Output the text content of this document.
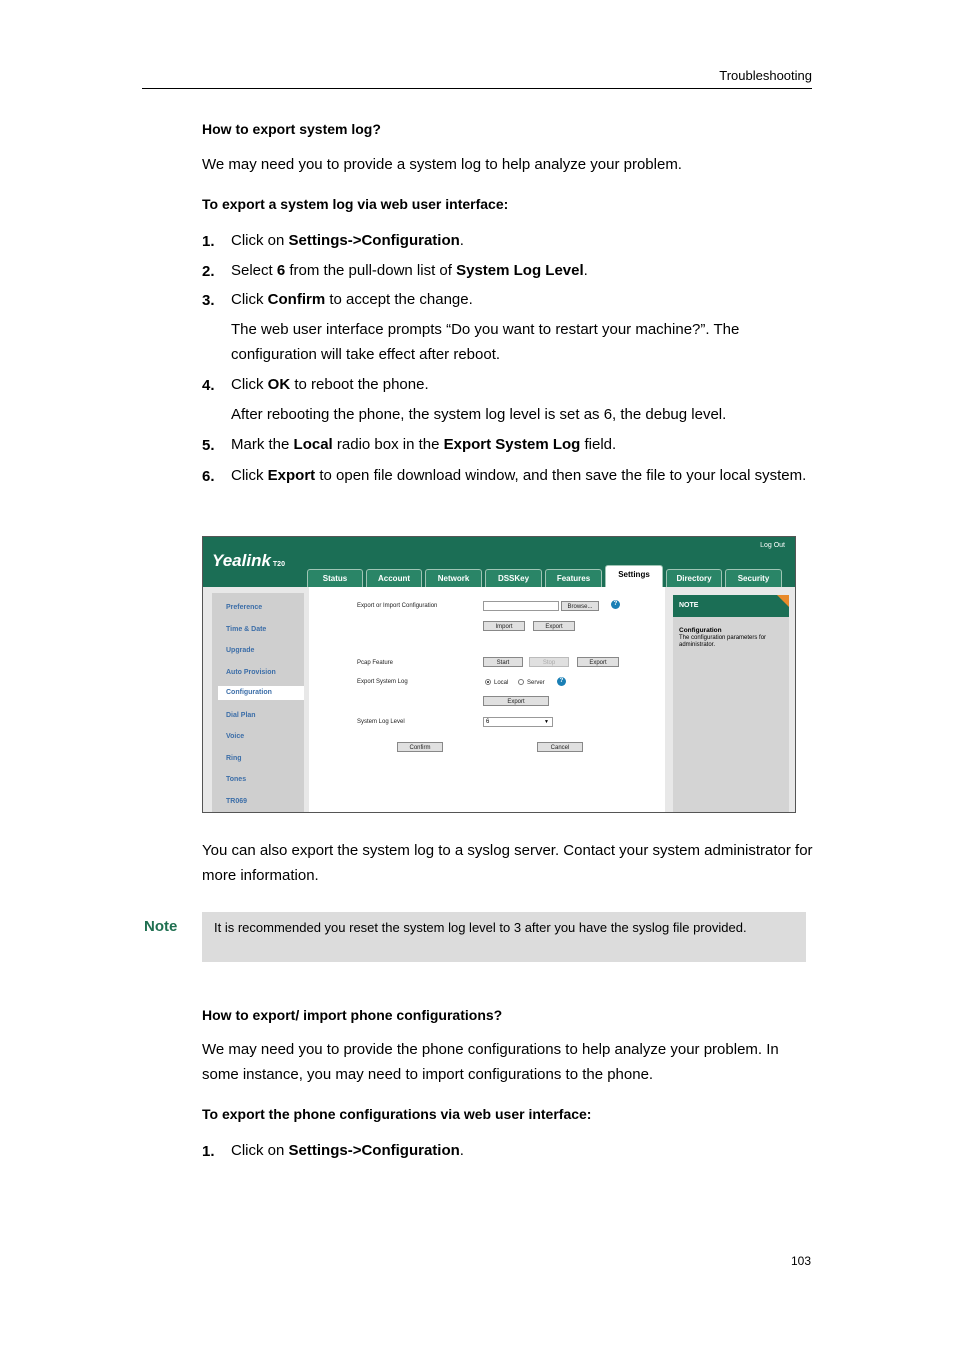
Troubleshooting
How to export system log?
We may need you to provide a system log to help analyze your problem.
To export a system log via web user interface:
1. Click on Settings->Configuration.
2. Select 6 from the pull-down list of System Log Level.
3. Click Confirm to accept the change.
The web user interface prompts “Do you want to restart your machine?”. The configuration will take effect after reboot.
4. Click OK to reboot the phone.
After rebooting the phone, the system log level is set as 6, the debug level.
5. Mark the Local radio box in the Export System Log field.
6. Click Export to open file download window, and then save the file to your local system.
Yealink T20
Log Out
Status	Account	Network	DSSKey	Features	Settings	Directory	Security
Preference
Time & Date
Upgrade
Auto Provision
Configuration
Dial Plan
Voice
Ring
Tones
TR069
Export or Import Configuration	Browse...	?
Import	Export
Pcap Feature	Start	Stop	Export
Export System Log	Local	Server	?
Export
System Log Level	6	▼
Confirm	Cancel
NOTE
Configuration
The configuration parameters for administrator.
You can also export the system log to a syslog server. Contact your system administrator for more information.
Note	It is recommended you reset the system log level to 3 after you have the syslog file provided.
How to export/ import phone configurations?
We may need you to provide the phone configurations to help analyze your problem. In some instance, you may need to import configurations to the phone.
To export the phone configurations via web user interface:
1. Click on Settings->Configuration.
103
